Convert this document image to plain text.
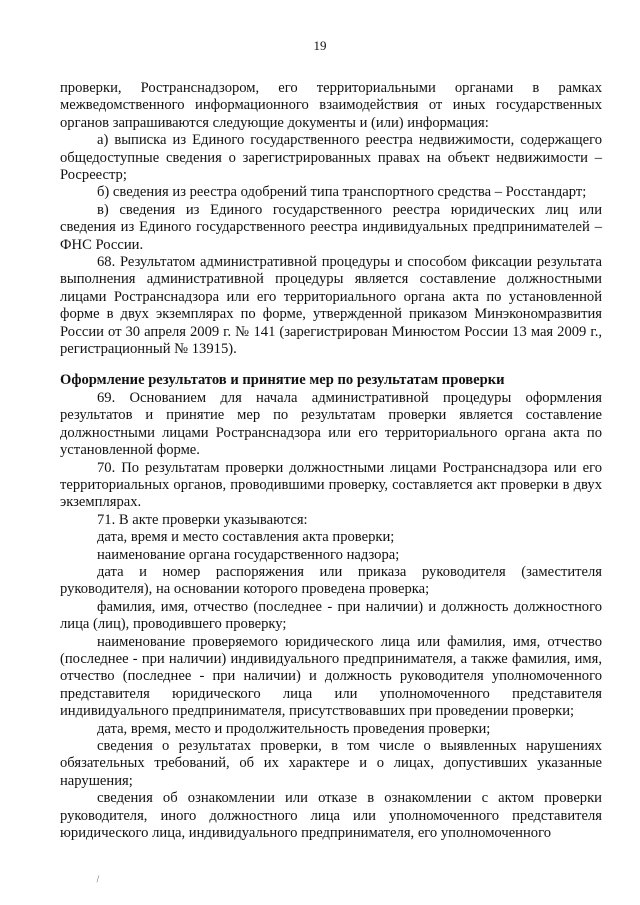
19

проверки, Ространснадзором, его территориальными органами в рамках межведомственного информационного взаимодействия от иных государственных органов запрашиваются следующие документы и (или) информация:

а) выписка из Единого государственного реестра недвижимости, содержащего общедоступные сведения о зарегистрированных правах на объект недвижимости – Росреестр;

б) сведения из реестра одобрений типа транспортного средства – Росстандарт;

в) сведения из Единого государственного реестра юридических лиц или сведения из Единого государственного реестра индивидуальных предпринимателей – ФНС России.

68. Результатом административной процедуры и способом фиксации результата выполнения административной процедуры является составление должностными лицами Ространснадзора или его территориального органа акта по установленной форме в двух экземплярах по форме, утвержденной приказом Минэкономразвития России от 30 апреля 2009 г. № 141 (зарегистрирован Минюстом России 13 мая 2009 г., регистрационный № 13915).

Оформление результатов и принятие мер по результатам проверки

69. Основанием для начала административной процедуры оформления результатов и принятие мер по результатам проверки является составление должностными лицами Ространснадзора или его территориального органа акта по установленной форме.

70. По результатам проверки должностными лицами Ространснадзора или его территориальных органов, проводившими проверку, составляется акт проверки в двух экземплярах.

71. В акте проверки указываются:

дата, время и место составления акта проверки;

наименование органа государственного надзора;

дата и номер распоряжения или приказа руководителя (заместителя руководителя), на основании которого проведена проверка;

фамилия, имя, отчество (последнее - при наличии) и должность должностного лица (лиц), проводившего проверку;

наименование проверяемого юридического лица или фамилия, имя, отчество (последнее - при наличии) индивидуального предпринимателя, а также фамилия, имя, отчество (последнее - при наличии) и должность руководителя уполномоченного представителя юридического лица или уполномоченного представителя индивидуального предпринимателя, присутствовавших при проведении проверки;

дата, время, место и продолжительность проведения проверки;

сведения о результатах проверки, в том числе о выявленных нарушениях обязательных требований, об их характере и о лицах, допустивших указанные нарушения;

сведения об ознакомлении или отказе в ознакомлении с актом проверки руководителя, иного должностного лица или уполномоченного представителя юридического лица, индивидуального предпринимателя, его уполномоченного

\
